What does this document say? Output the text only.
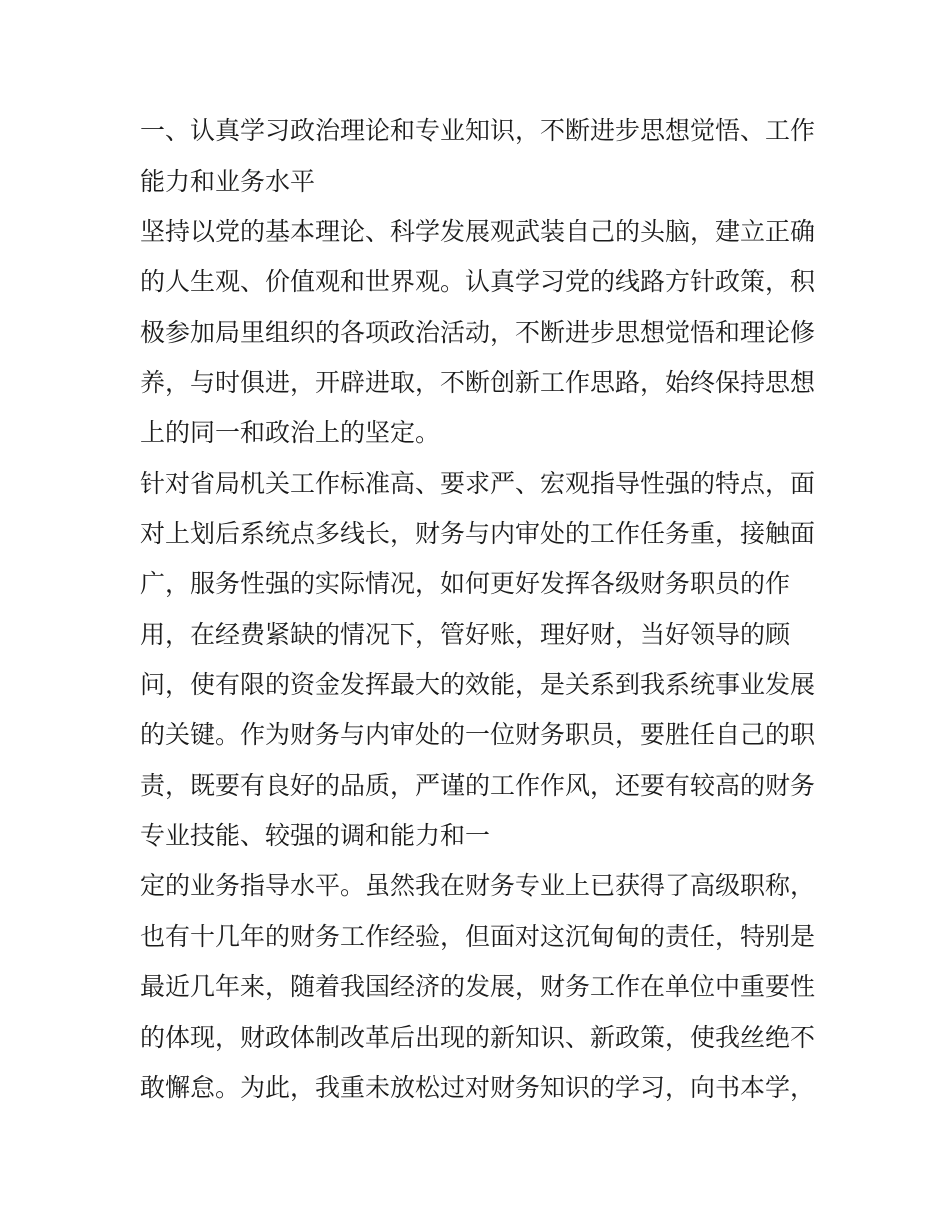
一、认真学习政治理论和专业知识，不断进步思想觉悟、工作
能力和业务水平
坚持以党的基本理论、科学发展观武装自己的头脑，建立正确
的人生观、价值观和世界观。认真学习党的线路方针政策，积
极参加局里组织的各项政治活动，不断进步思想觉悟和理论修
养，与时俱进，开辟进取，不断创新工作思路，始终保持思想
上的同一和政治上的坚定。
针对省局机关工作标准高、要求严、宏观指导性强的特点，面
对上划后系统点多线长，财务与内审处的工作任务重，接触面
广，服务性强的实际情况，如何更好发挥各级财务职员的作
用，在经费紧缺的情况下，管好账，理好财，当好领导的顾
问，使有限的资金发挥最大的效能，是关系到我系统事业发展
的关键。作为财务与内审处的一位财务职员，要胜任自己的职
责，既要有良好的品质，严谨的工作作风，还要有较高的财务
专业技能、较强的调和能力和一
定的业务指导水平。虽然我在财务专业上已获得了高级职称，
也有十几年的财务工作经验，但面对这沉甸甸的责任，特别是
最近几年来，随着我国经济的发展，财务工作在单位中重要性
的体现，财政体制改革后出现的新知识、新政策，使我丝绝不
敢懈怠。为此，我重未放松过对财务知识的学习，向书本学，
